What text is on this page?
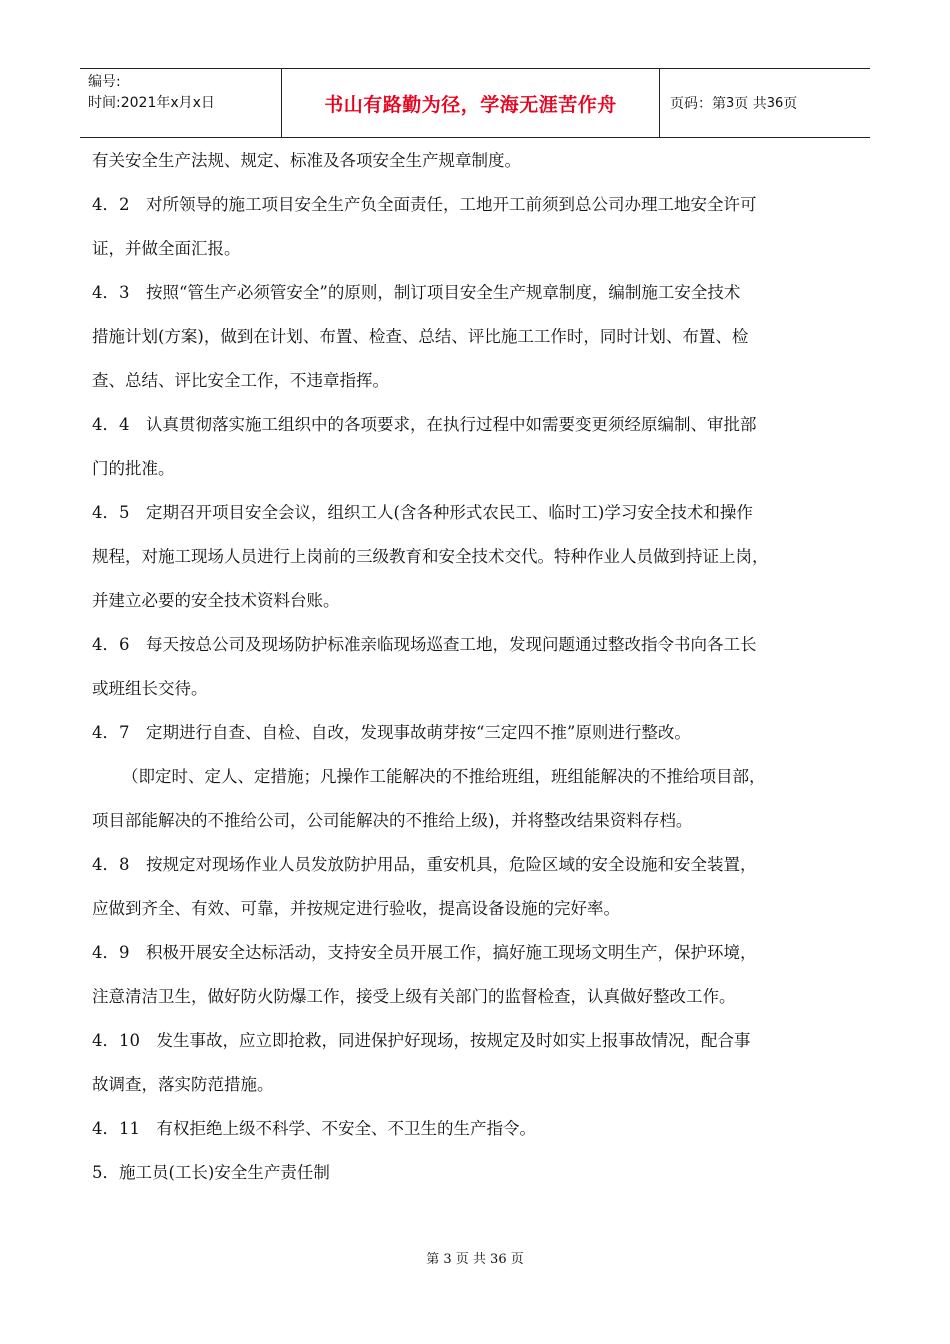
编号:
时间:2021年x月x日	书山有路勤为径，学海无涯苦作舟	页码：第 3 页 共 36 页
有关安全生产法规、规定、标准及各项安全生产规章制度。
4．2　对所领导的施工项目安全生产负全面责任，工地开工前须到总公司办理工地安全许可
证，并做全面汇报。
4．3　按照“管生产必须管安全”的原则，制订项目安全生产规章制度，编制施工安全技术
措施计划(方案)，做到在计划、布置、检查、总结、评比施工工作时，同时计划、布置、检
查、总结、评比安全工作，不违章指挥。
4．4　认真贯彻落实施工组织中的各项要求，在执行过程中如需要变更须经原编制、审批部
门的批准。
4．5　定期召开项目安全会议，组织工人(含各种形式农民工、临时工)学习安全技术和操作
规程，对施工现场人员进行上岗前的三级教育和安全技术交代。特种作业人员做到持证上岗，
并建立必要的安全技术资料台账。
4．6　每天按总公司及现场防护标准亲临现场巡查工地，发现问题通过整改指令书向各工长
或班组长交待。
4．7　定期进行自查、自检、自改，发现事故萌芽按“三定四不推”原则进行整改。
（即定时、定人、定措施；凡操作工能解决的不推给班组，班组能解决的不推给项目部，
项目部能解决的不推给公司，公司能解决的不推给上级)，并将整改结果资料存档。
4．8　按规定对现场作业人员发放防护用品，重安机具，危险区域的安全设施和安全装置，
应做到齐全、有效、可靠，并按规定进行验收，提高设备设施的完好率。
4．9　积极开展安全达标活动，支持安全员开展工作，搞好施工现场文明生产，保护环境，
注意清洁卫生，做好防火防爆工作，接受上级有关部门的监督检查，认真做好整改工作。
4．10　发生事故，应立即抢救，同进保护好现场，按规定及时如实上报事故情况，配合事
故调查，落实防范措施。
4．11　有权拒绝上级不科学、不安全、不卫生的生产指令。
5．施工员(工长)安全生产责任制
第 3 页 共 36 页
